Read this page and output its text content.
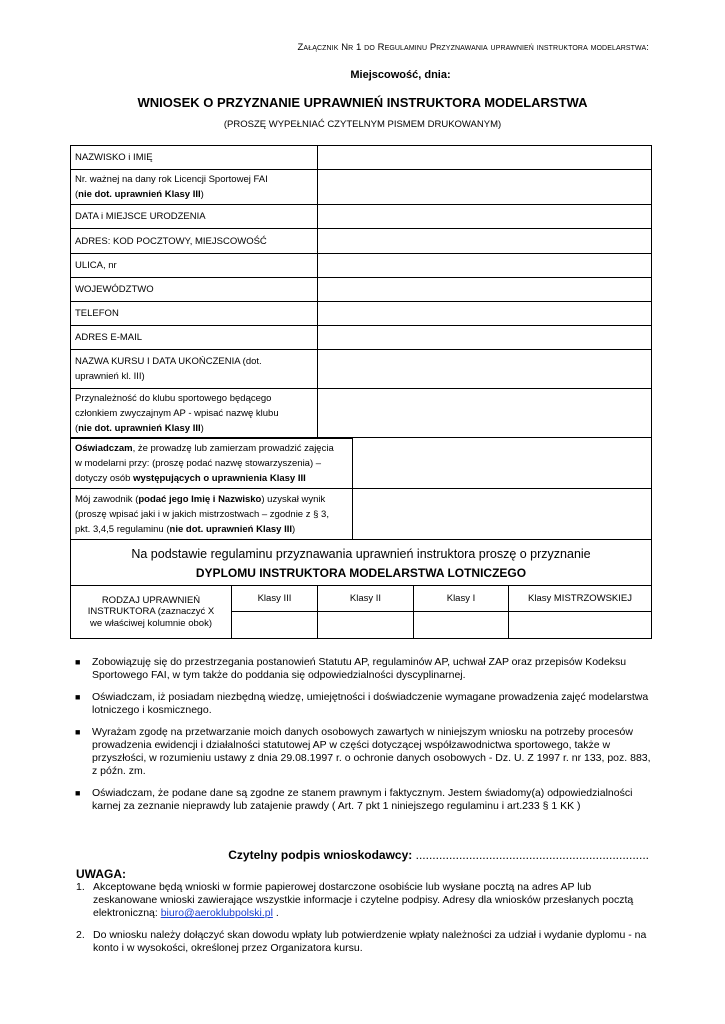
Załącznik Nr 1 do Regulaminu Przyznawania uprawnień instruktora modelarstwa:
Miejscowość, dnia:
WNIOSEK O PRZYZNANIE UPRAWNIEŃ INSTRUKTORA MODELARSTWA
(PROSZĘ WYPEŁNIAĆ CZYTELNYM PISMEM DRUKOWANYM)
NAZWISKO i IMIĘ	
Nr. ważnej na dany rok Licencji Sportowej FAI
(nie dot. uprawnień Klasy III)	
DATA i MIEJSCE URODZENIA	
ADRES: KOD POCZTOWY, MIEJSCOWOŚĆ	
ULICA, nr	
WOJEWÓDZTWO	
TELEFON	
ADRES E-MAIL	
NAZWA KURSU I DATA UKOŃCZENIA (dot.
uprawnień kl. III)	
Przynależność do klubu sportowego będącego
członkiem zwyczajnym AP - wpisać nazwę klubu
(nie dot. uprawnień Klasy III)	
Oświadczam, że prowadzę lub zamierzam prowadzić zajęcia
w modelarni przy: (proszę podać nazwę stowarzyszenia) –
dotyczy osób występujących o uprawnienia Klasy III	
Mój zawodnik (podać jego Imię i Nazwisko) uzyskał wynik
(proszę wpisać jaki i w jakich mistrzostwach – zgodnie z § 3,
pkt. 3,4,5 regulaminu (nie dot. uprawnień Klasy III)	
Na podstawie regulaminu przyznawania uprawnień instruktora proszę o przyznanie
DYPLOMU INSTRUKTORA MODELARSTWA LOTNICZEGO				

RODZAJ UPRAWNIEŃ INSTRUKTORA (zaznaczyć X we właściwej kolumnie obok)	Klasy III	Klasy II	Klasy I	Klasy MISTRZOWSKIEJ

■ Zobowiązuję się do przestrzegania postanowień Statutu AP, regulaminów AP, uchwał ZAP oraz przepisów Kodeksu Sportowego FAI, w tym także do poddania się odpowiedzialności dyscyplinarnej.
■ Oświadczam, iż posiadam niezbędną wiedzę, umiejętności i doświadczenie wymagane prowadzenia zajęć modelarstwa lotniczego i kosmicznego.
■ Wyrażam zgodę na przetwarzanie moich danych osobowych zawartych w niniejszym wniosku na potrzeby procesów prowadzenia ewidencji i działalności statutowej AP w części dotyczącej współzawodnictwa sportowego, także w przyszłości, w rozumieniu ustawy z dnia 29.08.1997 r. o ochronie danych osobowych - Dz. U. Z 1997 r. nr 133, poz. 883, z późn. zm.
■ Oświadczam, że podane dane są zgodne ze stanem prawnym i faktycznym. Jestem świadomy(a) odpowiedzialności karnej za zeznanie nieprawdy lub zatajenie prawdy ( Art. 7 pkt 1 niniejszego regulaminu i art.233 § 1 KK )
Czytelny podpis wnioskodawcy: ......................................................................
UWAGA:
1. Akceptowane będą wnioski w formie papierowej dostarczone osobiście lub wysłane pocztą na adres AP lub zeskanowane wnioski zawierające wszystkie informacje i czytelne podpisy. Adresy dla wniosków przesłanych pocztą elektroniczną: biuro@aeroklubpolski.pl .
2. Do wniosku należy dołączyć skan dowodu wpłaty lub potwierdzenie wpłaty należności za udział i wydanie dyplomu - na konto i w wysokości, określonej przez Organizatora kursu.
